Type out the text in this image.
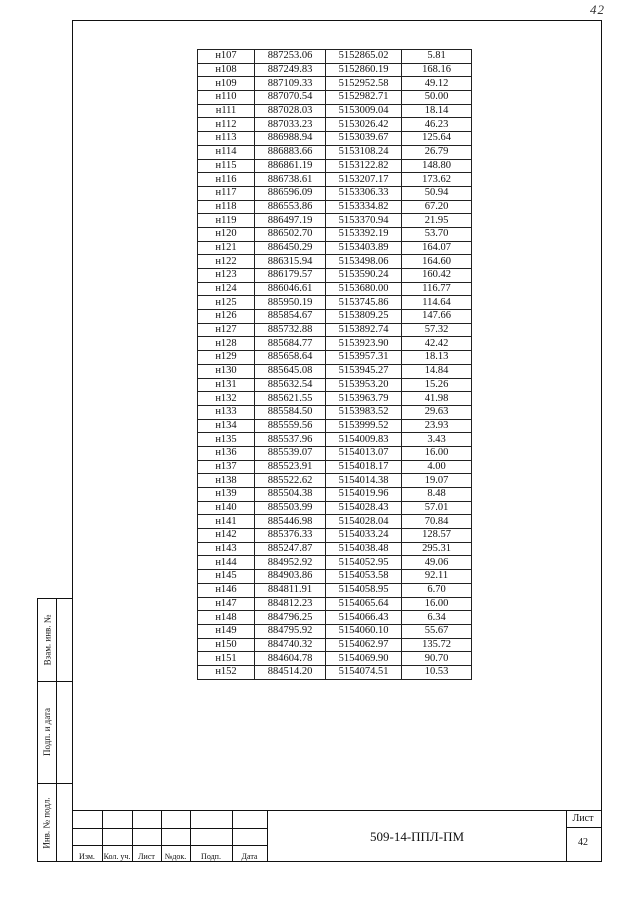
42
Взам. инв. №
Подп. и дата
Инв. № подл.
н107	887253.06	5152865.02	5.81
н108	887249.83	5152860.19	168.16
н109	887109.33	5152952.58	49.12
н110	887070.54	5152982.71	50.00
н111	887028.03	5153009.04	18.14
н112	887033.23	5153026.42	46.23
н113	886988.94	5153039.67	125.64
н114	886883.66	5153108.24	26.79
н115	886861.19	5153122.82	148.80
н116	886738.61	5153207.17	173.62
н117	886596.09	5153306.33	50.94
н118	886553.86	5153334.82	67.20
н119	886497.19	5153370.94	21.95
н120	886502.70	5153392.19	53.70
н121	886450.29	5153403.89	164.07
н122	886315.94	5153498.06	164.60
н123	886179.57	5153590.24	160.42
н124	886046.61	5153680.00	116.77
н125	885950.19	5153745.86	114.64
н126	885854.67	5153809.25	147.66
н127	885732.88	5153892.74	57.32
н128	885684.77	5153923.90	42.42
н129	885658.64	5153957.31	18.13
н130	885645.08	5153945.27	14.84
н131	885632.54	5153953.20	15.26
н132	885621.55	5153963.79	41.98
н133	885584.50	5153983.52	29.63
н134	885559.56	5153999.52	23.93
н135	885537.96	5154009.83	3.43
н136	885539.07	5154013.07	16.00
н137	885523.91	5154018.17	4.00
н138	885522.62	5154014.38	19.07
н139	885504.38	5154019.96	8.48
н140	885503.99	5154028.43	57.01
н141	885446.98	5154028.04	70.84
н142	885376.33	5154033.24	128.57
н143	885247.87	5154038.48	295.31
н144	884952.92	5154052.95	49.06
н145	884903.86	5154053.58	92.11
н146	884811.91	5154058.95	6.70
н147	884812.23	5154065.64	16.00
н148	884796.25	5154066.43	6.34
н149	884795.92	5154060.10	55.67
н150	884740.32	5154062.97	135.72
н151	884604.78	5154069.90	90.70
н152	884514.20	5154074.51	10.53
Изм.	Кол. уч. Лист	№док.	Подп.	Дата
509-14-ППЛ-ПМ
Лист
42
